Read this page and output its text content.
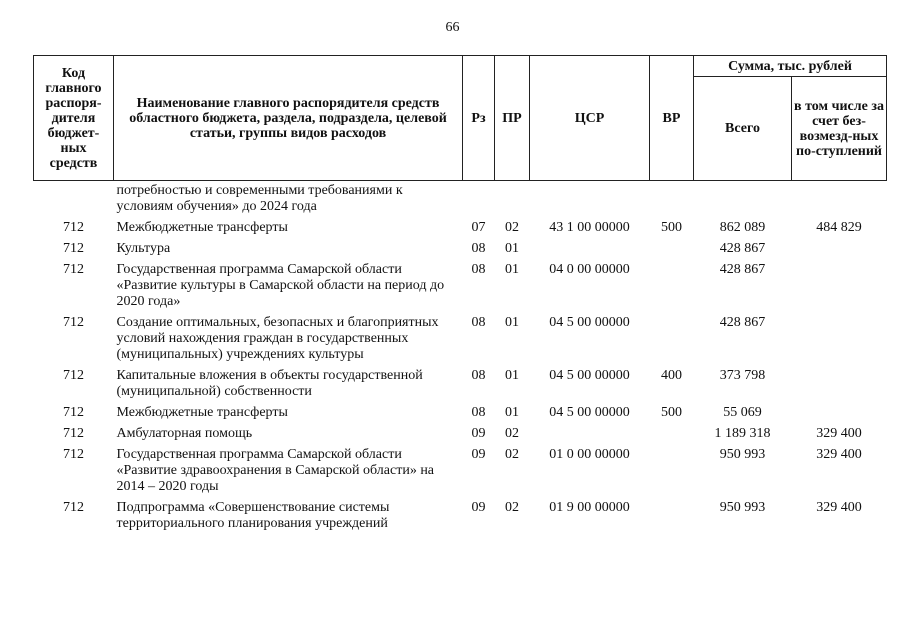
66
Код главного распоря-дителя бюджет-ных средств	Наименование главного распорядителя средств областного бюджета, раздела, подраздела, целевой статьи, группы видов расходов	Рз	ПР	ЦСР	ВР	Сумма, тыс. рублей	
						Всего	в том числе за счет без-возмезд-ных по-ступлений
	потребностью и современными требованиями к условиям обучения» до 2024 года						
712	Межбюджетные трансферты	07	02	43 1 00 00000	500	862 089	484 829
712	Культура	08	01			428 867	
712	Государственная программа Самарской области «Развитие культуры в Самарской области на период до 2020 года»	08	01	04 0 00 00000		428 867	
712	Создание оптимальных, безопасных и благоприятных условий нахождения граждан в государственных (муниципальных) учреждениях культуры	08	01	04 5 00 00000		428 867	
712	Капитальные вложения в объекты государственной (муниципальной) собственности	08	01	04 5 00 00000	400	373 798	
712	Межбюджетные трансферты	08	01	04 5 00 00000	500	55 069	
712	Амбулаторная помощь	09	02			1 189 318	329 400
712	Государственная программа Самарской области «Развитие здравоохранения в Самарской области» на 2014 – 2020 годы	09	02	01 0 00 00000		950 993	329 400
712	Подпрограмма «Совершенствование системы территориального планирования учреждений	09	02	01 9 00 00000		950 993	329 400
